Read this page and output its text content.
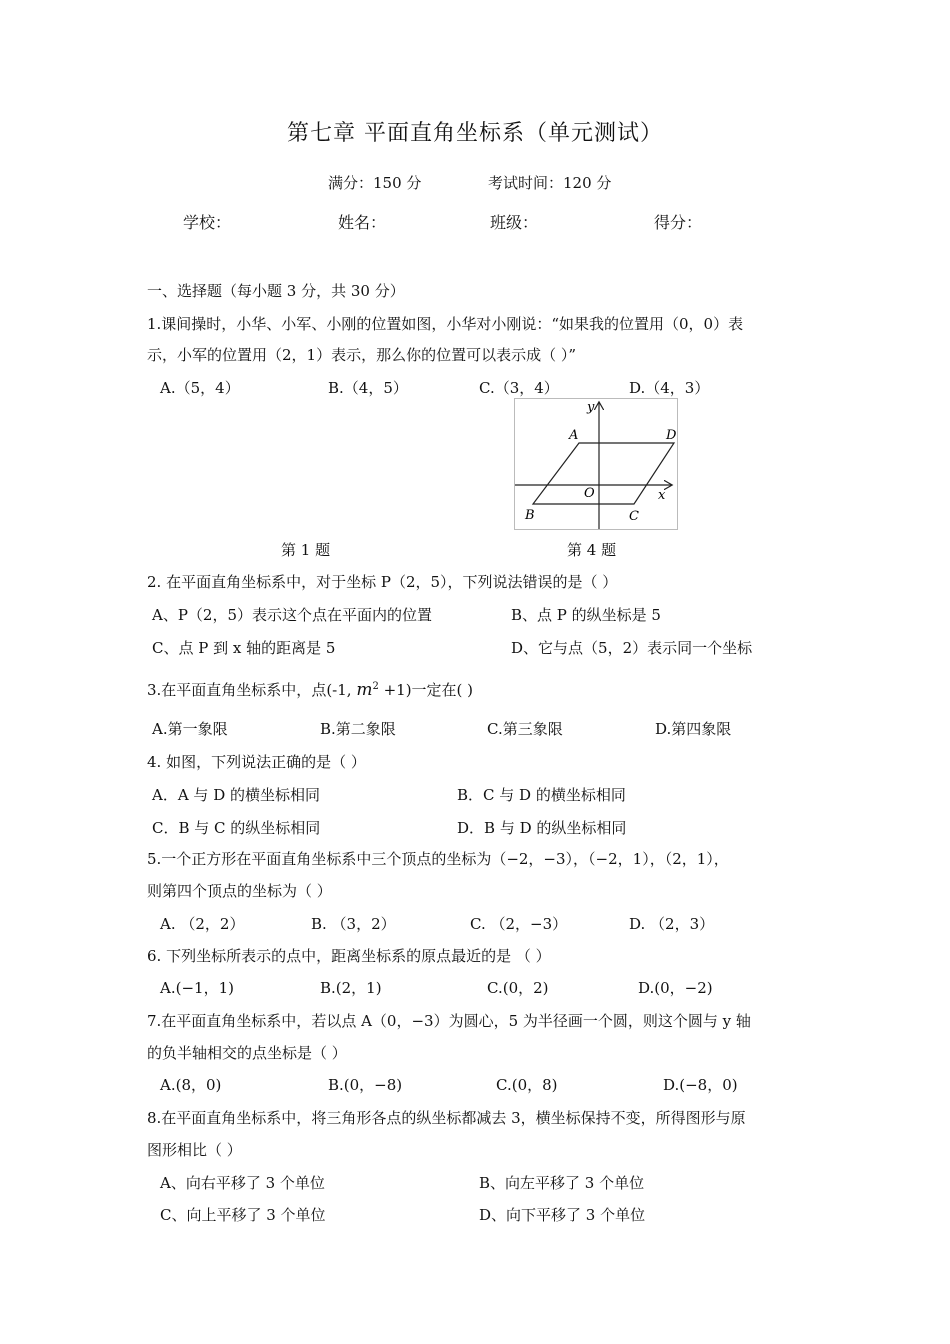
第七章 平面直角坐标系（单元测试）
满分：150 分	考试时间：120 分
学校：	姓名：	班级：	得分：
一、选择题（每小题 3 分，共 30 分）
1.课间操时，小华、小军、小刚的位置如图，小华对小刚说：“如果我的位置用（0，0）表
示，小军的位置用（2，1）表示，那么你的位置可以表示成（ ）”
A.（5，4）	B.（4，5）	C.（3，4）	D.（4，3）
y
x
O
A	D
B	C
第 1 题	第 4 题
2. 在平面直角坐标系中，对于坐标 P（2，5），下列说法错误的是（ ）
A、P（2，5）表示这个点在平面内的位置	B、点 P 的纵坐标是 5
C、点 P 到 x 轴的距离是 5	D、它与点（5，2）表示同一个坐标
3.在平面直角坐标系中，点(-1, $m^2 +1$)一定在( )
A.第一象限	B.第二象限	C.第三象限	D.第四象限
4. 如图，下列说法正确的是（ ）
A．A 与 D 的横坐标相同	B．C 与 D 的横坐标相同
C．B 与 C 的纵坐标相同	D．B 与 D 的纵坐标相同
5.一个正方形在平面直角坐标系中三个顶点的坐标为（−2，−3），（−2，1），（2，1），
则第四个顶点的坐标为（ ）
A. （2，2）	B. （3，2）	C. （2，−3）	D. （2，3）
6. 下列坐标所表示的点中，距离坐标系的原点最近的是 （ ）
A.(−1，1)	B.(2，1)	C.(0，2)	D.(0，−2)
7.在平面直角坐标系中，若以点 A（0，−3）为圆心，5 为半径画一个圆，则这个圆与 y 轴
的负半轴相交的点坐标是（ ）
A.(8，0)	B.(0，−8)	C.(0，8)	D.(−8，0)
8.在平面直角坐标系中，将三角形各点的纵坐标都减去 3，横坐标保持不变，所得图形与原
图形相比（ ）
A、向右平移了 3 个单位	B、向左平移了 3 个单位
C、向上平移了 3 个单位	D、向下平移了 3 个单位
